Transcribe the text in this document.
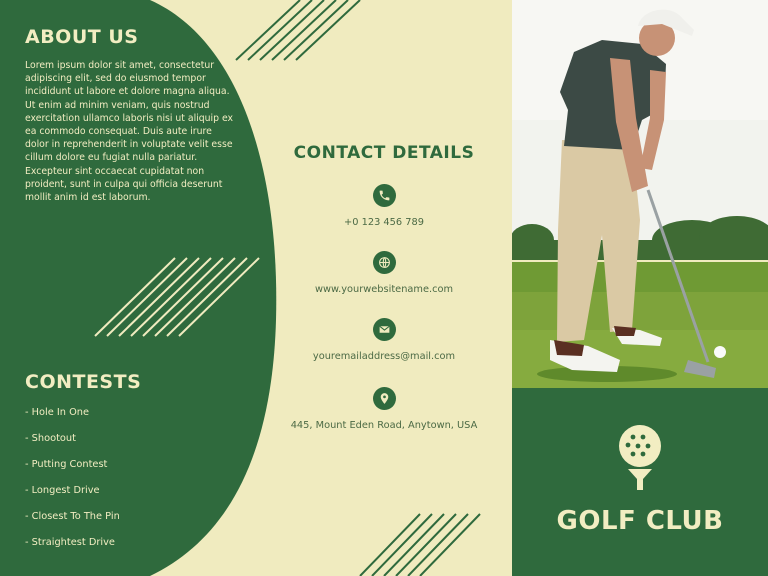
ABOUT US
Lorem ipsum dolor sit amet, consectetur adipiscing elit, sed do eiusmod tempor incididunt ut labore et dolore magna aliqua. Ut enim ad minim veniam, quis nostrud exercitation ullamco laboris nisi ut aliquip ex ea commodo consequat. Duis aute irure dolor in reprehenderit in voluptate velit esse cillum dolore eu fugiat nulla pariatur. Excepteur sint occaecat cupidatat non proident, sunt in culpa qui officia deserunt mollit anim id est laborum.
CONTESTS
- Hole In One
- Shootout
- Putting Contest
- Longest Drive
- Closest To The Pin
- Straightest Drive
CONTACT DETAILS
+0 123 456 789
www.yourwebsitename.com
youremailaddress@mail.com
445, Mount Eden Road, Anytown, USA
GOLF CLUB
